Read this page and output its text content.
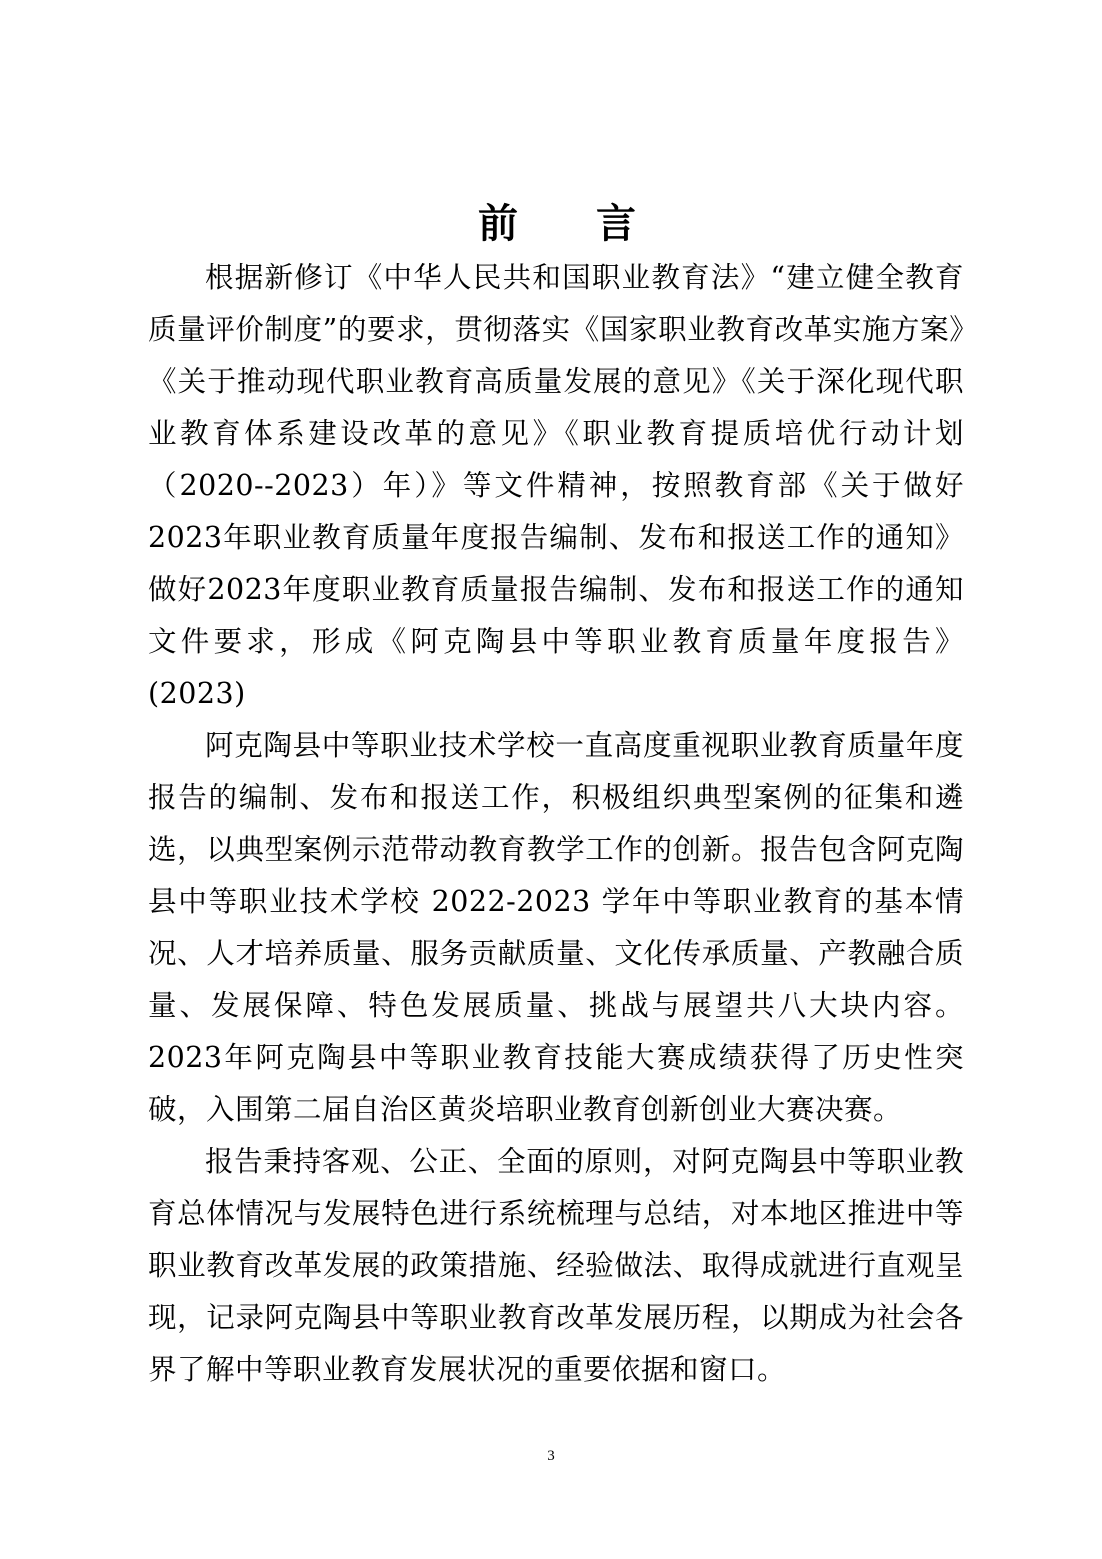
前言

根据新修订《中华人民共和国职业教育法》“建立健全教育质量评价制度”的要求，贯彻落实《国家职业教育改革实施方案》《关于推动现代职业教育高质量发展的意见》《关于深化现代职业教育体系建设改革的意见》《职业教育提质培优行动计划（2020--2023）年）》等文件精神，按照教育部《关于做好2023年职业教育质量年度报告编制、发布和报送工作的通知》做好2023年度职业教育质量报告编制、发布和报送工作的通知文件要求，形成《阿克陶县中等职业教育质量年度报告》(2023)

阿克陶县中等职业技术学校一直高度重视职业教育质量年度报告的编制、发布和报送工作，积极组织典型案例的征集和遴选，以典型案例示范带动教育教学工作的创新。报告包含阿克陶县中等职业技术学校 2022-2023 学年中等职业教育的基本情况、人才培养质量、服务贡献质量、文化传承质量、产教融合质量、发展保障、特色发展质量、挑战与展望共八大块内容。2023年阿克陶县中等职业教育技能大赛成绩获得了历史性突破，入围第二届自治区黄炎培职业教育创新创业大赛决赛。

报告秉持客观、公正、全面的原则，对阿克陶县中等职业教育总体情况与发展特色进行系统梳理与总结，对本地区推进中等职业教育改革发展的政策措施、经验做法、取得成就进行直观呈现，记录阿克陶县中等职业教育改革发展历程，以期成为社会各界了解中等职业教育发展状况的重要依据和窗口。

3
